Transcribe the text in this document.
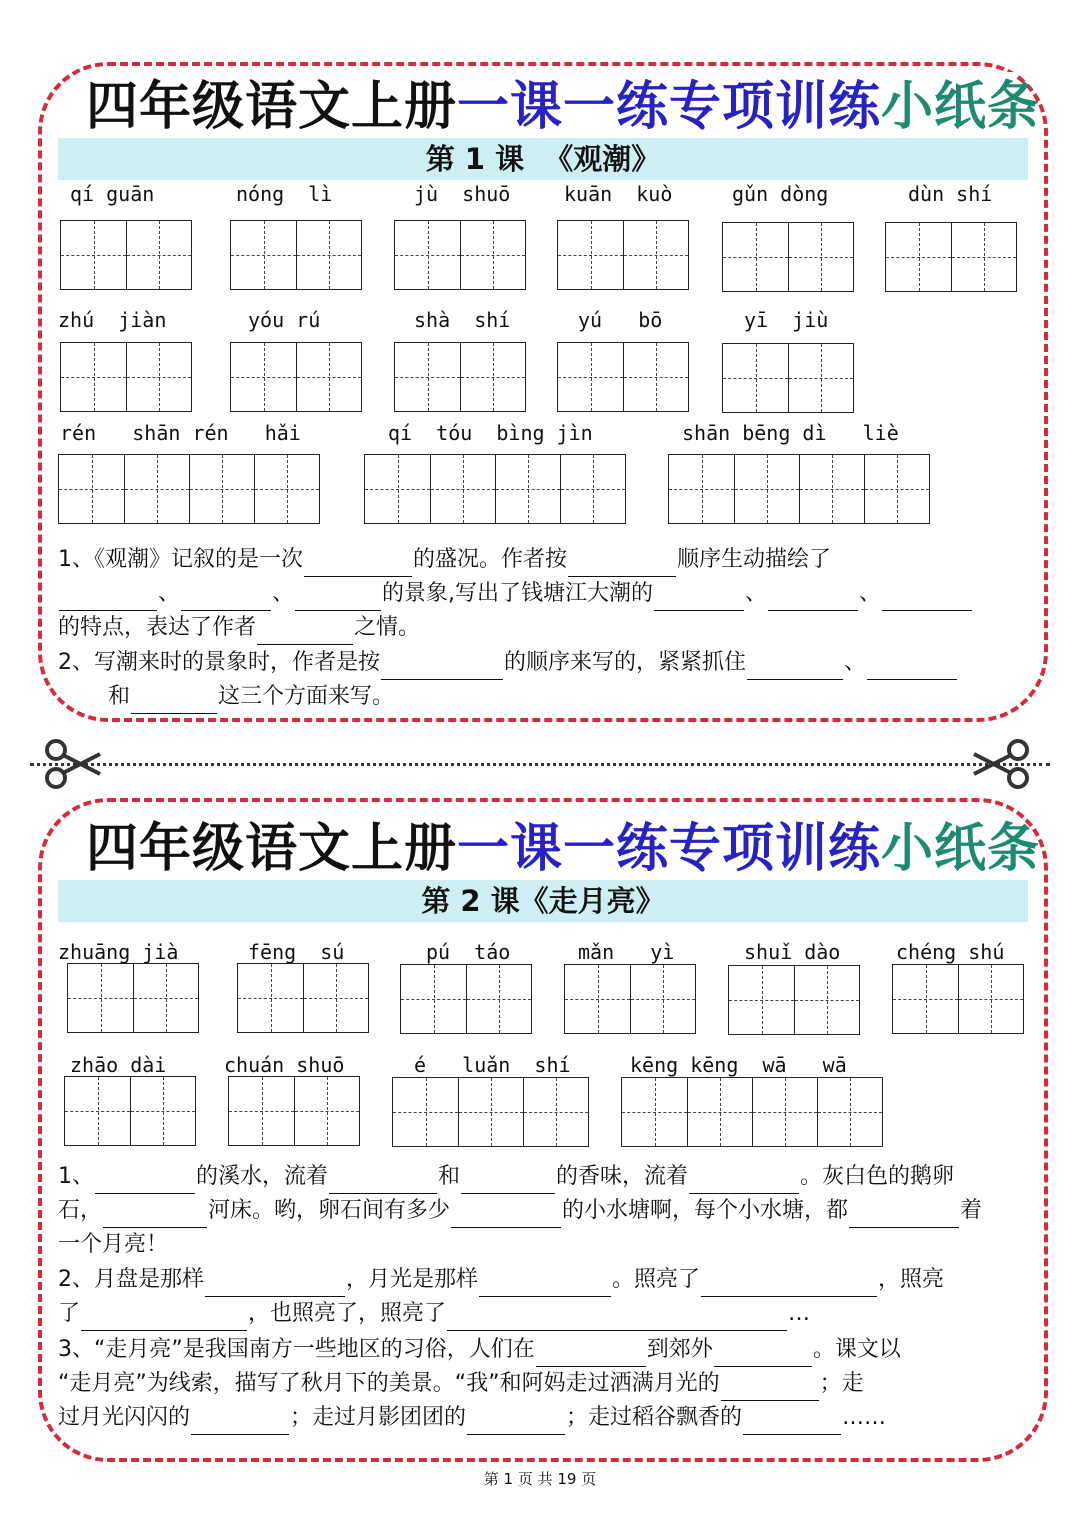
四年级语文上册一课一练专项训练小纸条
第 1 课  《观潮》
qí guān	nóng  lì	jù  shuō	kuān  kuò	gǔn dòng	dùn shí
zhú  jiàn	yóu rú	shà  shí	yú   bō	yī  jiù
rén   shān rén   hǎi	qí  tóu  bìng jìn	shān bēng dì   liè
1、《观潮》记叙的是一次	的盛况。作者按	顺序生动描绘了
、	、	的景象,写出了钱塘江大潮的	、	、
的特点，表达了作者	之情。
2、写潮来时的景象时，作者是按	的顺序来写的，紧紧抓住	、
和	这三个方面来写。
四年级语文上册一课一练专项训练小纸条
第 2 课《走月亮》
zhuāng jià	fēng  sú	pú  táo	mǎn   yì	shuǐ dào	chéng shú
zhāo dài	chuán shuō	é   luǎn  shí	kēng kēng  wā   wā
1、	的溪水，流着	和	的香味，流着	。灰白色的鹅卵
石，	河床。哟，卵石间有多少	的小水塘啊，每个小水塘，都	着
一个月亮！
2、月盘是那样	，月光是那样	。照亮了	，照亮
了	，也照亮了，照亮了	…
3、“走月亮”是我国南方一些地区的习俗，人们在	到郊外	。课文以
“走月亮”为线索，描写了秋月下的美景。“我”和阿妈走过洒满月光的	；走
过月光闪闪的	；走过月影团团的	；走过稻谷飘香的	……
第 1 页 共 19 页
